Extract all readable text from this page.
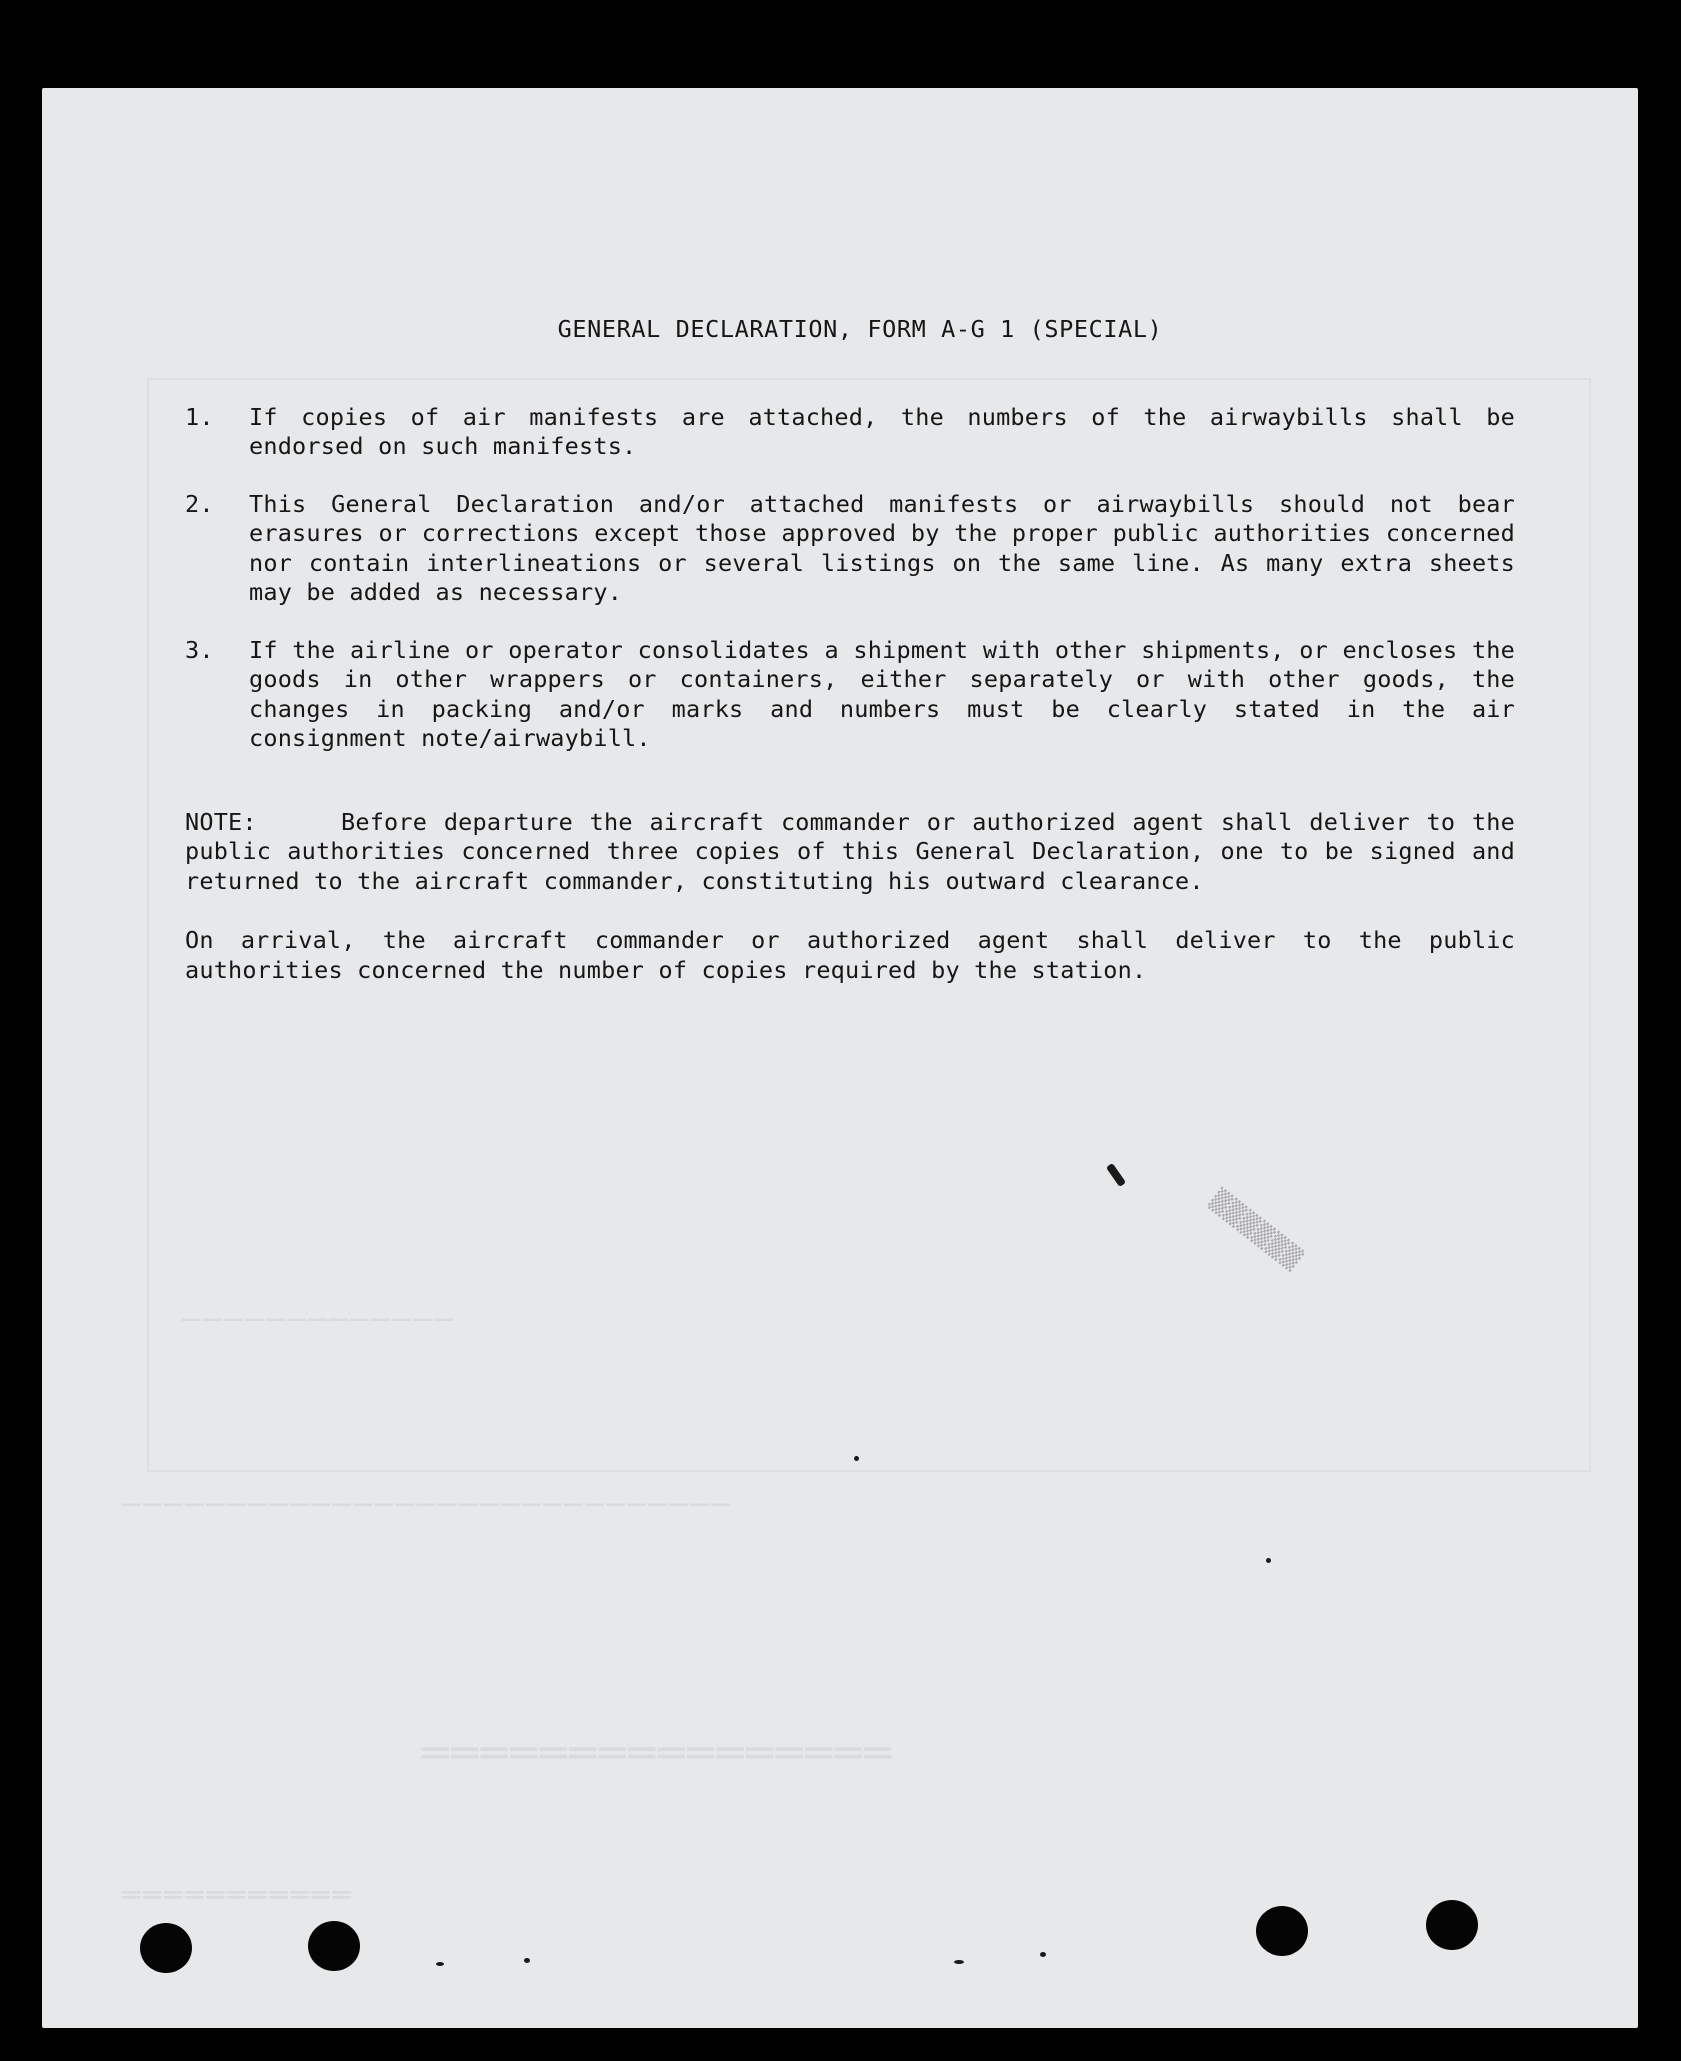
─────────────
─────────────────────────────
════════════════
═══════════
▒▒▒▒▒▒
GENERAL DECLARATION, FORM A-G 1 (SPECIAL)
1.	If copies of air manifests are attached, the numbers of the airwaybills shall be endorsed on such manifests.
2.	This General Declaration and/or attached manifests or airwaybills should not bear erasures or corrections except those approved by the proper public authorities concerned nor contain interlineations or several listings on the same line. As many extra sheets may be added as necessary.
3.	If the airline or operator consolidates a shipment with other shipments, or encloses the goods in other wrappers or containers, either separately or with other goods, the changes in packing and/or marks and numbers must be clearly stated in the air consignment note/airwaybill.
NOTE:	Before departure the aircraft commander or authorized agent shall deliver to the public authorities concerned three copies of this General Declaration, one to be signed and returned to the aircraft commander, constituting his outward clearance.
On arrival, the aircraft commander or authorized agent shall deliver to the public authorities concerned the number of copies required by the station.
